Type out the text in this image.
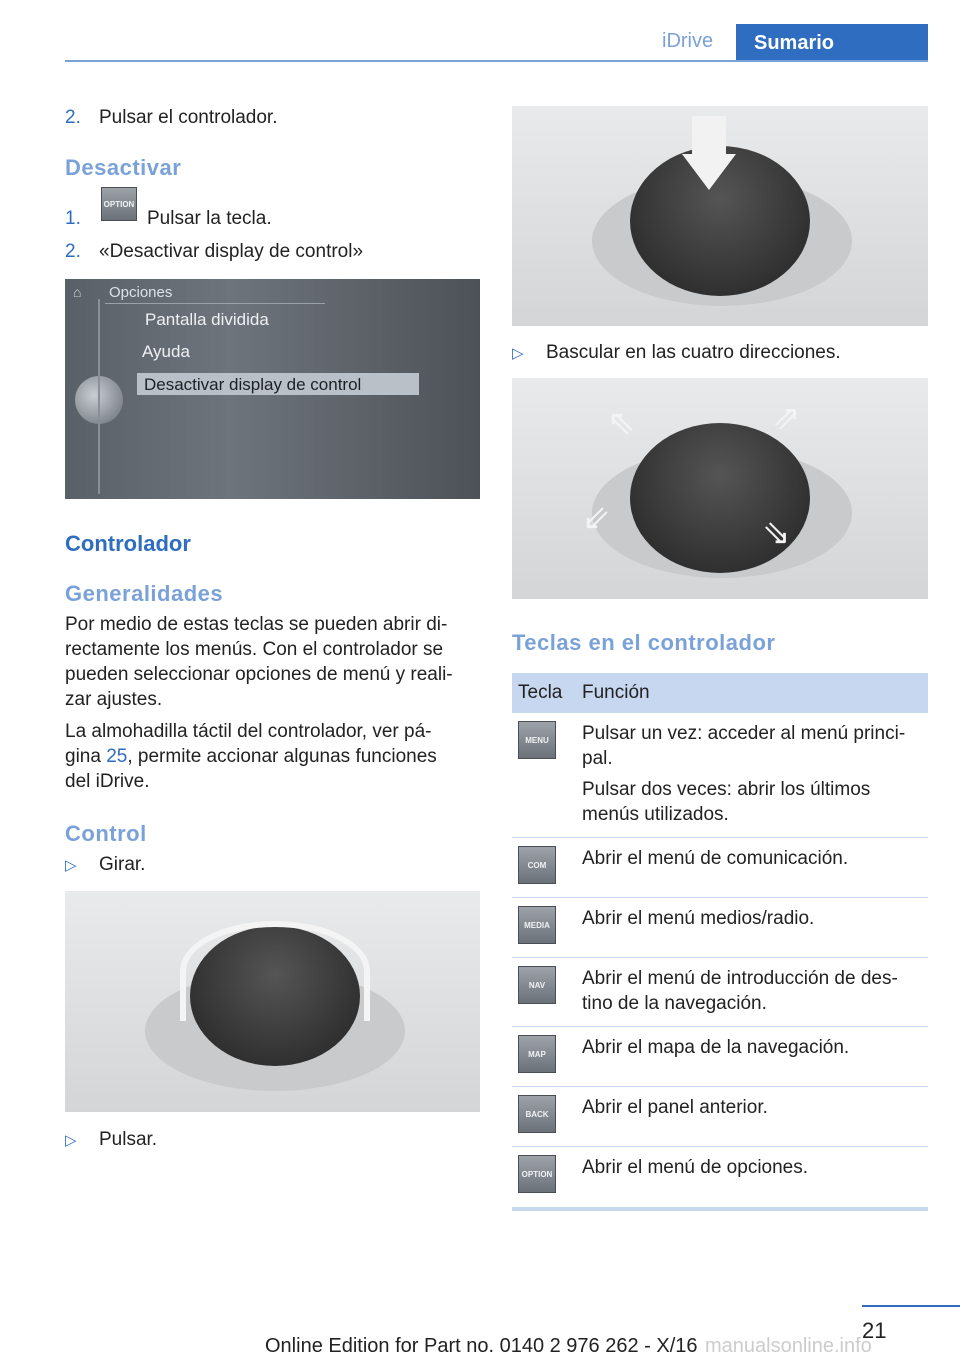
iDrive	Sumario
2. Pulsar el controlador.
Desactivar
1.
OPTION
Pulsar la tecla.
2. «Desactivar display de control»
⌂ Opciones
Pantalla dividida
Ayuda
Desactivar display de control
Controlador
Generalidades
Por medio de estas teclas se pueden abrir di-rectamente los menús. Con el controlador se pueden seleccionar opciones de menú y reali-zar ajustes.
La almohadilla táctil del controlador, ver pá-gina 25, permite accionar algunas funciones del iDrive.
Control
▷ Girar.
▷ Pulsar.
▷ Bascular en las cuatro direcciones.
⇖	⇗
⇙	⇘
Teclas en el controlador
Tecla	Función

MENU	Pulsar un vez: acceder al menú princi-pal.
Pulsar dos veces: abrir los últimos menús utilizados.

COM	Abrir el menú de comunicación.

MEDIA	Abrir el menú medios/radio.

NAV	Abrir el menú de introducción de des-tino de la navegación.

MAP	Abrir el mapa de la navegación.

BACK	Abrir el panel anterior.

OPTION	Abrir el menú de opciones.
21
Online Edition for Part no. 0140 2 976 262 - X/16 manualsonline.info
